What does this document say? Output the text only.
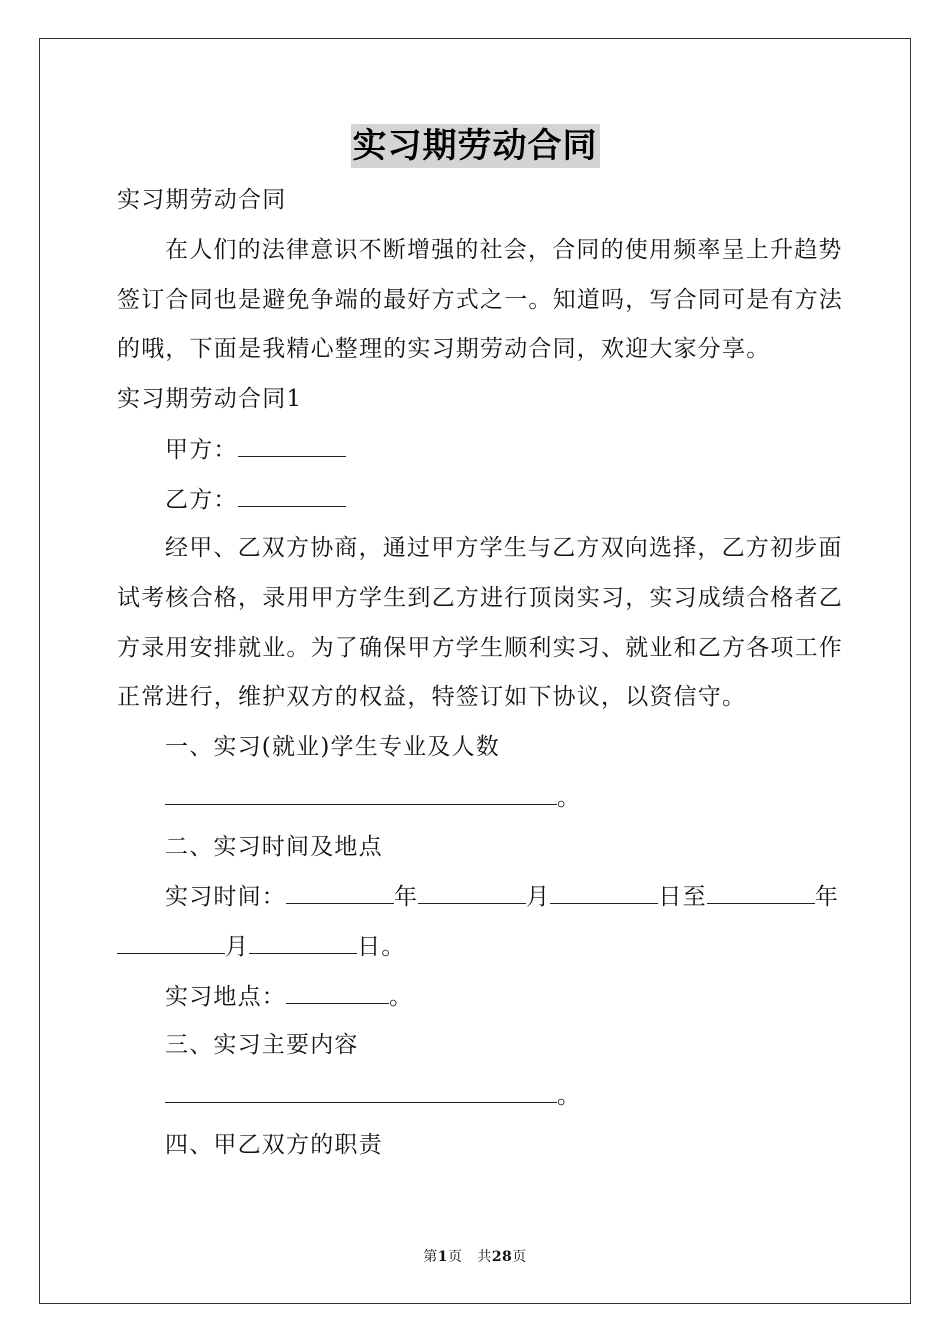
实习期劳动合同
实习期劳动合同
在人们的法律意识不断增强的社会，合同的使用频率呈上升趋势
签订合同也是避免争端的最好方式之一。知道吗，写合同可是有方法
的哦，下面是我精心整理的实习期劳动合同，欢迎大家分享。
实习期劳动合同1
甲方：
乙方：
经甲、乙双方协商，通过甲方学生与乙方双向选择，乙方初步面
试考核合格，录用甲方学生到乙方进行顶岗实习，实习成绩合格者乙
方录用安排就业。为了确保甲方学生顺利实习、就业和乙方各项工作
正常进行，维护双方的权益，特签订如下协议，以资信守。
一、实习(就业)学生专业及人数
。
二、实习时间及地点
实习时间：	年	月	日至	年
月	日。
实习地点：	。
三、实习主要内容
。
四、甲乙双方的职责
第1页 共28页
